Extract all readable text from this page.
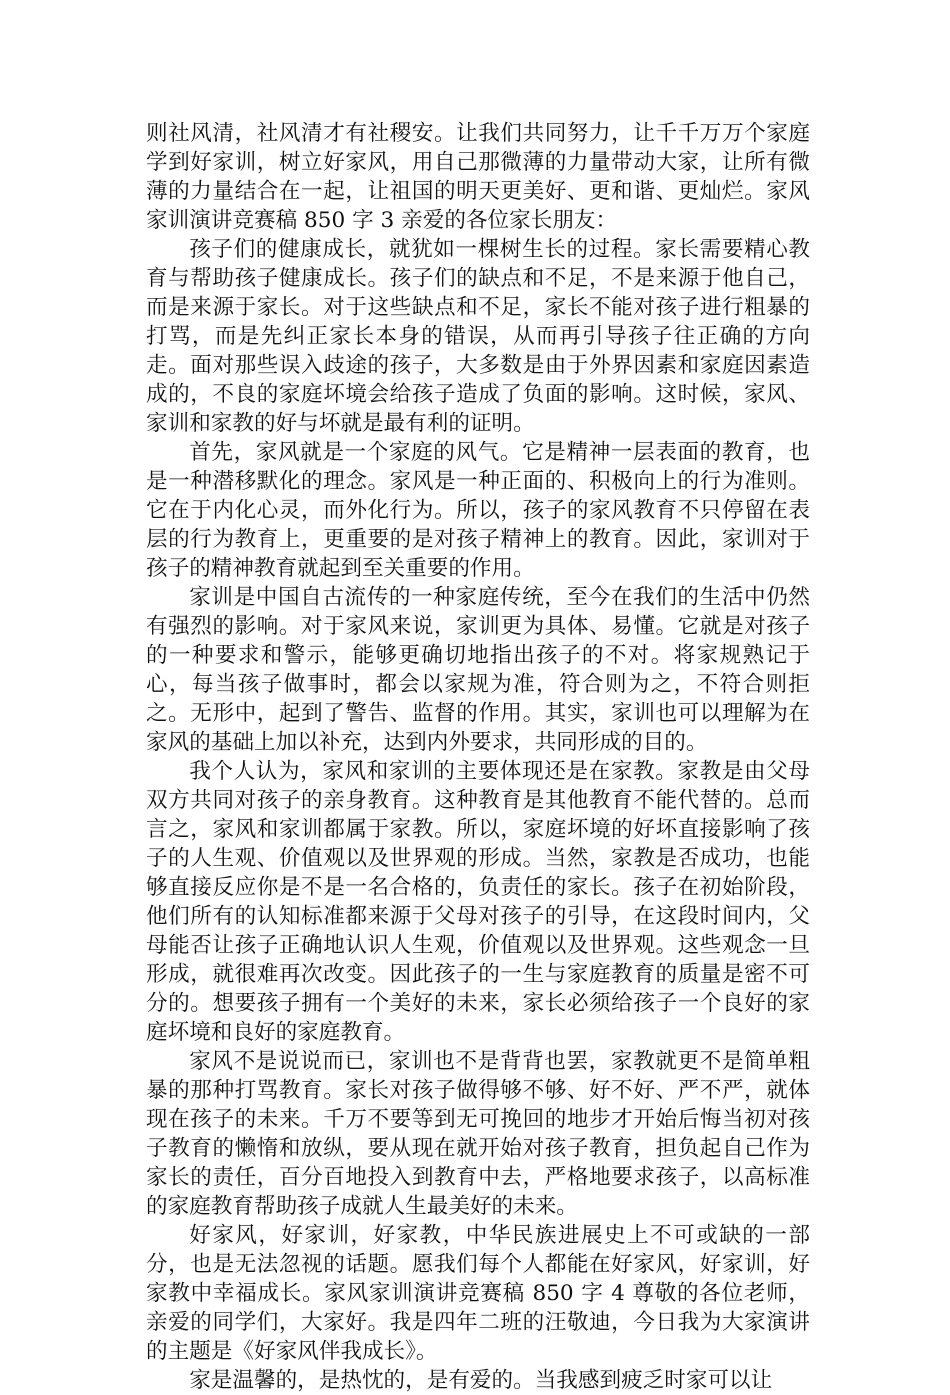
则社风清，社风清才有社稷安。让我们共同努力，让千千万万个家庭学到好家训，树立好家风，用自己那微薄的力量带动大家，让所有微薄的力量结合在一起，让祖国的明天更美好、更和谐、更灿烂。家风家训演讲竞赛稿 850 字 3 亲爱的各位家长朋友：

孩子们的健康成长，就犹如一棵树生长的过程。家长需要精心教育与帮助孩子健康成长。孩子们的缺点和不足，不是来源于他自己，而是来源于家长。对于这些缺点和不足，家长不能对孩子进行粗暴的打骂，而是先纠正家长本身的错误，从而再引导孩子往正确的方向走。面对那些误入歧途的孩子，大多数是由于外界因素和家庭因素造成的，不良的家庭坏境会给孩子造成了负面的影响。这时候，家风、家训和家教的好与坏就是最有利的证明。

首先，家风就是一个家庭的风气。它是精神一层表面的教育，也是一种潜移默化的理念。家风是一种正面的、积极向上的行为准则。它在于内化心灵，而外化行为。所以，孩子的家风教育不只停留在表层的行为教育上，更重要的是对孩子精神上的教育。因此，家训对于孩子的精神教育就起到至关重要的作用。

家训是中国自古流传的一种家庭传统，至今在我们的生活中仍然有强烈的影响。对于家风来说，家训更为具体、易懂。它就是对孩子的一种要求和警示，能够更确切地指出孩子的不对。将家规熟记于心，每当孩子做事时，都会以家规为准，符合则为之，不符合则拒之。无形中，起到了警告、监督的作用。其实，家训也可以理解为在家风的基础上加以补充，达到内外要求，共同形成的目的。

我个人认为，家风和家训的主要体现还是在家教。家教是由父母双方共同对孩子的亲身教育。这种教育是其他教育不能代替的。总而言之，家风和家训都属于家教。所以，家庭坏境的好坏直接影响了孩子的人生观、价值观以及世界观的形成。当然，家教是否成功，也能够直接反应你是不是一名合格的，负责任的家长。孩子在初始阶段，他们所有的认知标准都来源于父母对孩子的引导，在这段时间内，父母能否让孩子正确地认识人生观，价值观以及世界观。这些观念一旦形成，就很难再次改变。因此孩子的一生与家庭教育的质量是密不可分的。想要孩子拥有一个美好的未来，家长必须给孩子一个良好的家庭坏境和良好的家庭教育。

家风不是说说而已，家训也不是背背也罢，家教就更不是简单粗暴的那种打骂教育。家长对孩子做得够不够、好不好、严不严，就体现在孩子的未来。千万不要等到无可挽回的地步才开始后悔当初对孩子教育的懒惰和放纵，要从现在就开始对孩子教育，担负起自己作为家长的责任，百分百地投入到教育中去，严格地要求孩子，以高标准的家庭教育帮助孩子成就人生最美好的未来。

好家风，好家训，好家教，中华民族进展史上不可或缺的一部分，也是无法忽视的话题。愿我们每个人都能在好家风，好家训，好家教中幸福成长。家风家训演讲竞赛稿 850 字 4 尊敬的各位老师，亲爱的同学们，大家好。我是四年二班的汪敬迪，今日我为大家演讲的主题是《好家风伴我成长》。

家是温馨的，是热忱的，是有爱的。当我感到疲乏时家可以让
